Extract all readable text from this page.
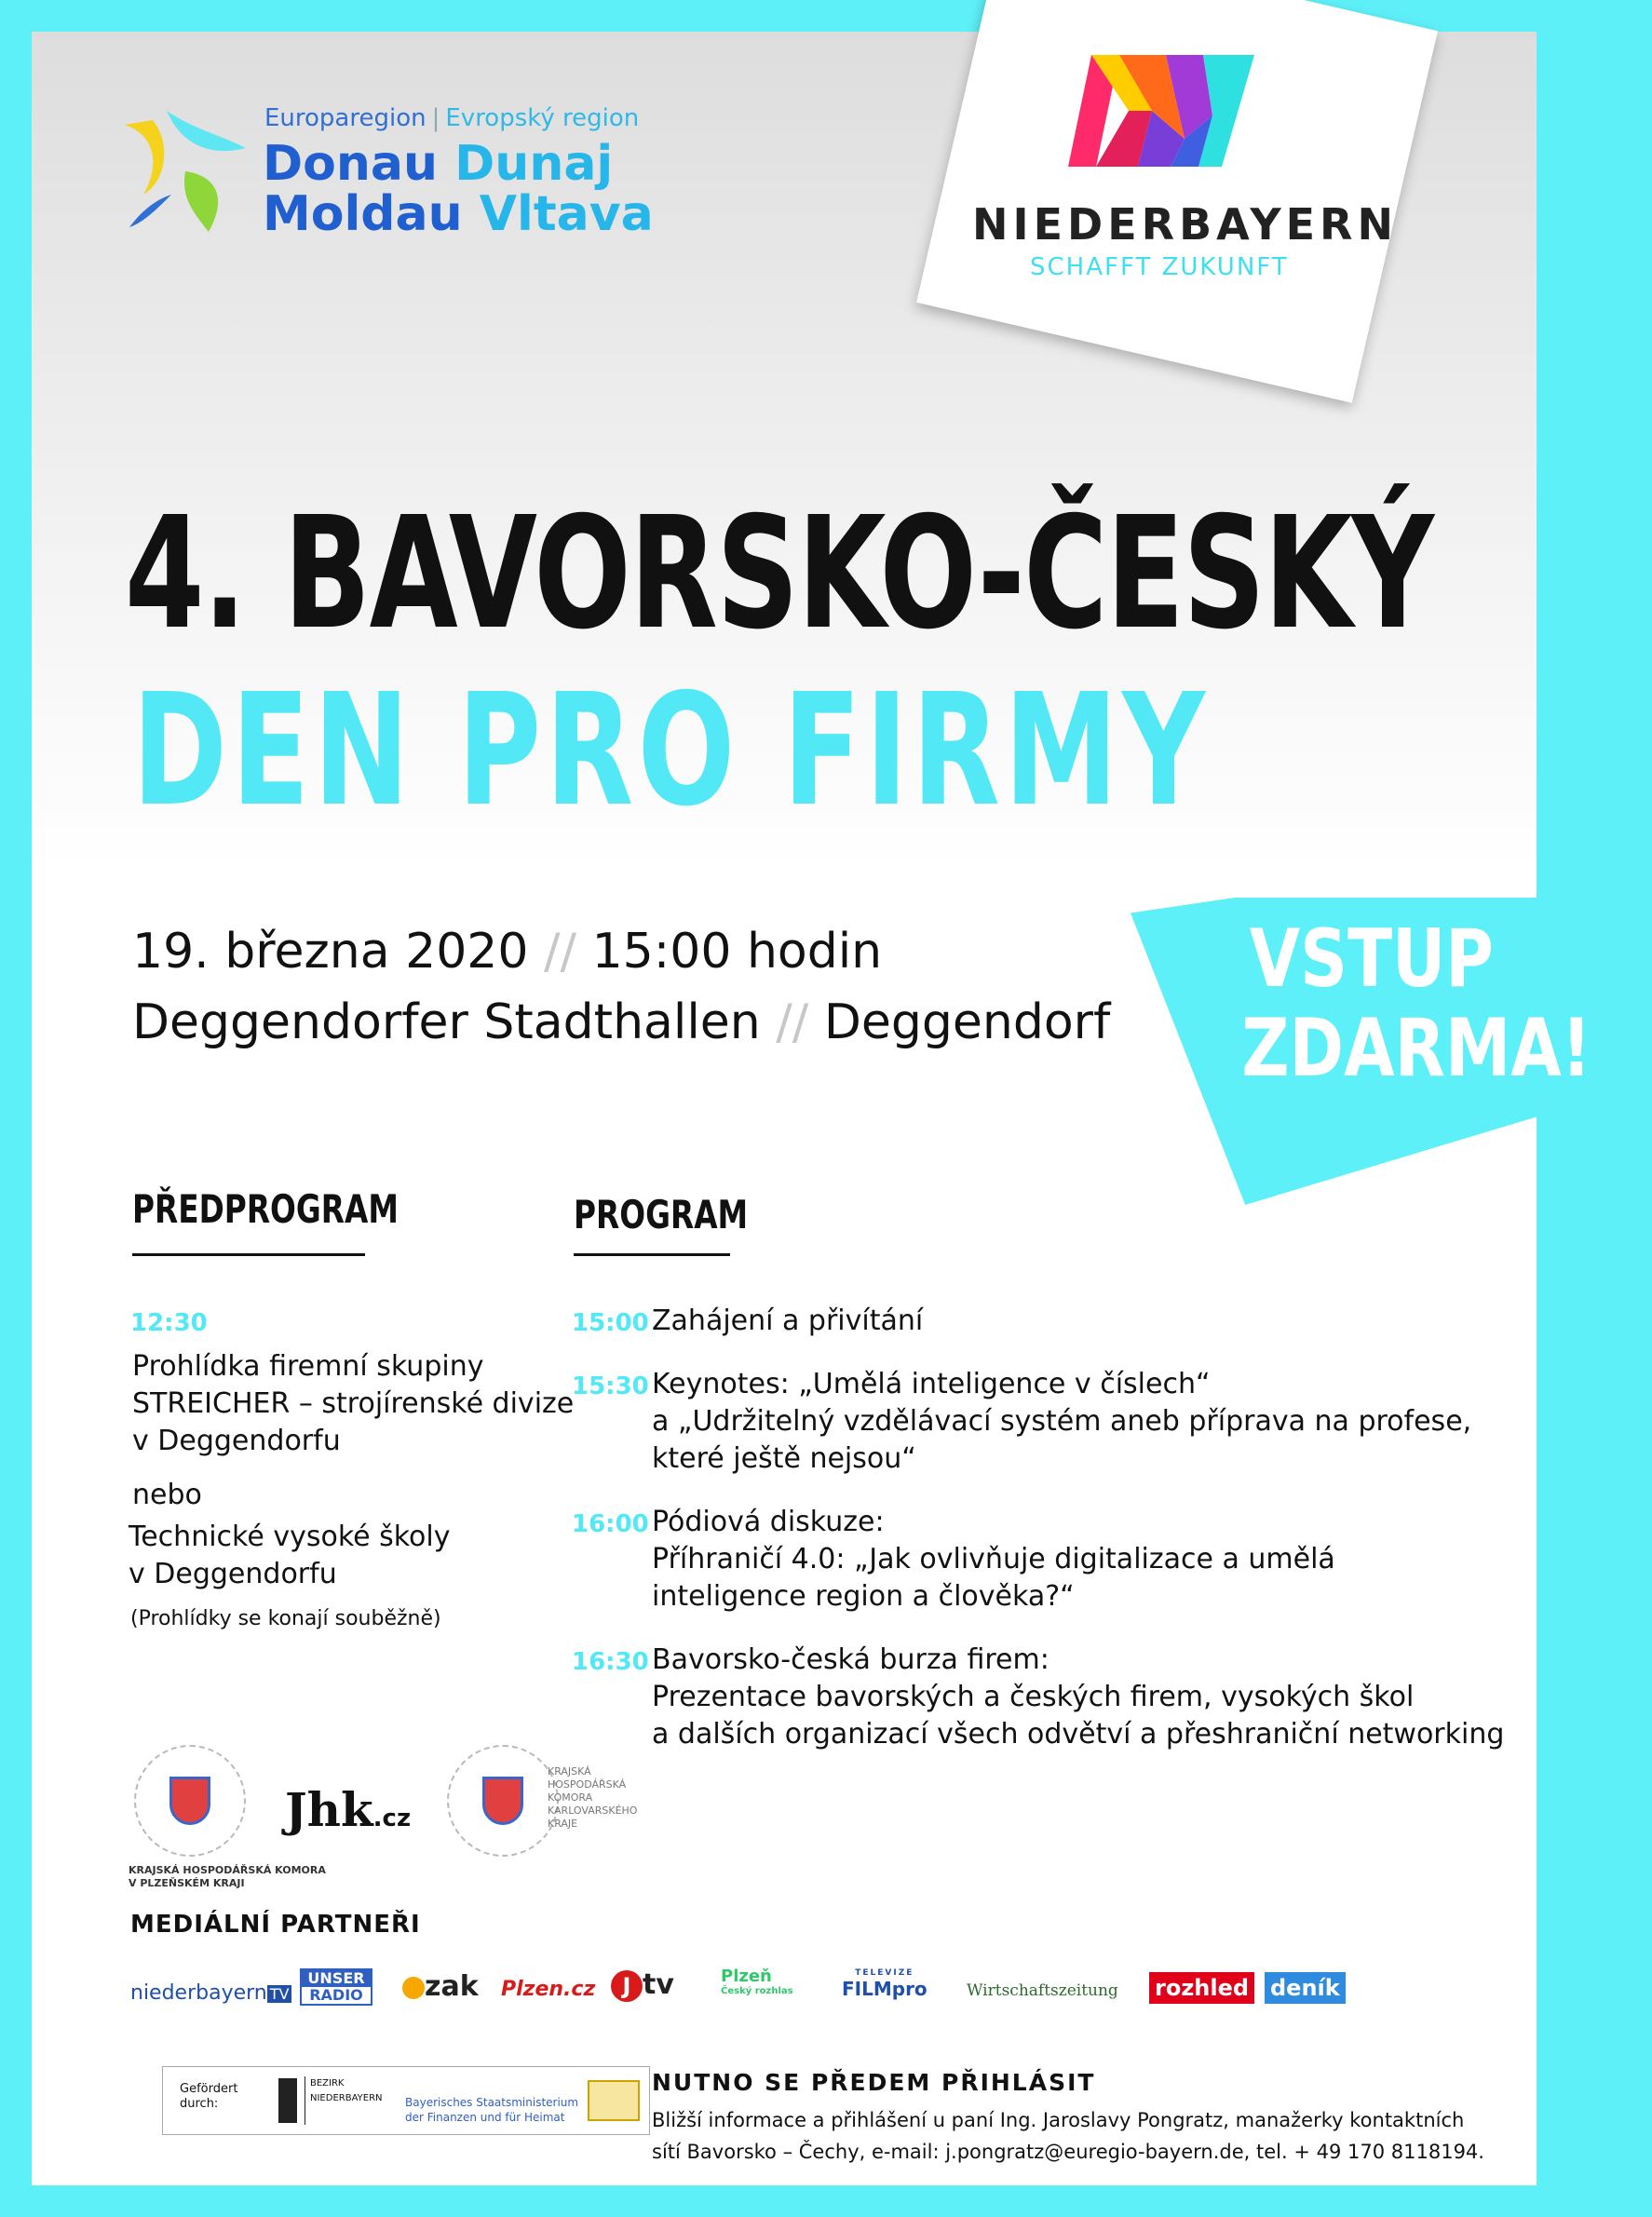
Europaregion | Evropský region
Donau Dunaj
Moldau Vltava	NIEDERBAYERN
SCHAFFT ZUKUNFT
4. BAVORSKO-ČESKÝ
DEN PRO FIRMY
19. března 2020 // 15:00 hodin
Deggendorfer Stadthallen // Deggendorf
VSTUP
ZDARMA!
PŘEDPROGRAM
12:30
Prohlídka firemní skupiny
STREICHER – strojírenské divize
v Deggendorfu
nebo
Technické vysoké školy
v Deggendorfu
(Prohlídky se konají souběžně)
PROGRAM
15:00 Zahájení a přivítání
15:30 Keynotes: „Umělá inteligence v číslech“
a „Udržitelný vzdělávací systém aneb příprava na profese,
které ještě nejsou“
16:00 Pódiová diskuze:
Příhraničí 4.0: „Jak ovlivňuje digitalizace a umělá
inteligence region a člověka?“
16:30 Bavorsko-česká burza firem:
Prezentace bavorských a českých firem, vysokých škol
a dalších organizací všech odvětví a přeshraniční networking
KRAJSKÁ HOSPODÁŘSKÁ KOMORA
V PLZEŇSKÉM KRAJI
Jhk.cz
KRAJSKÁ
HOSPODÁŘSKÁ
KOMORA
KARLOVARSKÉHO
KRAJE
MEDIÁLNÍ PARTNEŘI
niederbayern TV
UNSER
RADIO	zak Plzen.cz	J tv	Plzeň
Český rozhlas
TELEVIZE
FILMpro Wirtschaftszeitung rozhled deník
Gefördert
durch:
BEZIRK
NIEDERBAYERN Bayerisches Staatsministerium
der Finanzen und für Heimat
NUTNO SE PŘEDEM PŘIHLÁSIT
Bližší informace a přihlášení u paní Ing. Jaroslavy Pongratz, manažerky kontaktních
sítí Bavorsko – Čechy, e-mail: j.pongratz@euregio-bayern.de, tel. + 49 170 8118194.
